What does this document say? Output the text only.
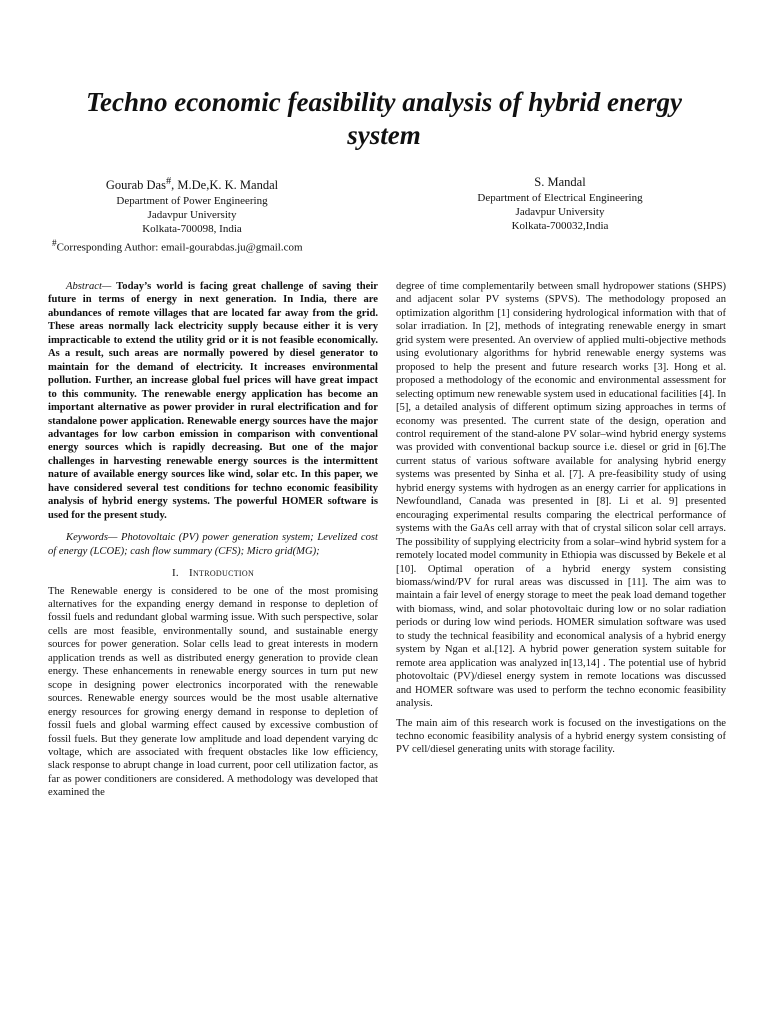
Techno economic feasibility analysis of hybrid energy system
Gourab Das#, M.De,K. K. Mandal
Department of Power Engineering
Jadavpur University
Kolkata-700098, India
#Corresponding Author: email-gourabdas.ju@gmail.com
S. Mandal
Department of Electrical Engineering
Jadavpur University
Kolkata-700032,India

Abstract— Today’s world is facing great challenge of saving their future in terms of energy in next generation. In India, there are abundances of remote villages that are located far away from the grid. These areas normally lack electricity supply because either it is very impracticable to extend the utility grid or it is not feasible economically. As a result, such areas are normally powered by diesel generator to maintain for the demand of electricity. It increases environmental pollution. Further, an increase global fuel prices will have great impact to this community. The renewable energy application has become an important alternative as power provider in rural electrification and for standalone power application. Renewable energy sources have the major advantages for low carbon emission in comparison with conventional energy sources which is rapidly decreasing. But one of the major challenges in harvesting renewable energy sources is the intermittent nature of available energy sources like wind, solar etc. In this paper, we have considered several test conditions for techno economic feasibility analysis of hybrid energy systems. The powerful HOMER software is used for the present study.

Keywords— Photovoltaic (PV) power generation system; Levelized cost of energy (LCOE); cash flow summary (CFS); Micro grid(MG);

I. Introduction

The Renewable energy is considered to be one of the most promising alternatives for the expanding energy demand in response to depletion of fossil fuels and redundant global warming issue. With such perspective, solar cells are most feasible, environmentally sound, and sustainable energy sources for power generation. Solar cells lead to great interests in modern application trends as well as distributed energy generation to provide clean energy. These enhancements in renewable energy sources in turn put new scope in designing power electronics incorporated with the renewable sources. Renewable energy sources would be the most usable alternative energy resources for growing energy demand in response to depletion of fossil fuels and global warming effect caused by excessive combustion of fossil fuels. But they generate low amplitude and load dependent varying dc voltage, which are associated with frequent obstacles like low efficiency, slack response to abrupt change in load current, poor cell utilization factor, as far as power conditioners are considered. A methodology was developed that examined the

degree of time complementarily between small hydropower stations (SHPS) and adjacent solar PV systems (SPVS). The methodology proposed an optimization algorithm [1] considering hydrological information with that of solar irradiation. In [2], methods of integrating renewable energy in smart grid system were presented. An overview of applied multi-objective methods using evolutionary algorithms for hybrid renewable energy systems was proposed to help the present and future research works [3]. Hong et al. proposed a methodology of the economic and environmental assessment for selecting optimum new renewable system used in educational facilities [4]. In [5], a detailed analysis of different optimum sizing approaches in terms of economy was presented. The current state of the design, operation and control requirement of the stand-alone PV solar–wind hybrid energy systems was provided with conventional backup source i.e. diesel or grid in [6].The current status of various software available for analysing hybrid energy systems was presented by Sinha et al. [7]. A pre-feasibility study of using hybrid energy systems with hydrogen as an energy carrier for applications in Newfoundland, Canada was presented in [8]. Li et al. 9] presented encouraging experimental results comparing the electrical performance of systems with the GaAs cell array with that of crystal silicon solar cell arrays. The possibility of supplying electricity from a solar–wind hybrid system for a remotely located model community in Ethiopia was discussed by Bekele et al [10]. Optimal operation of a hybrid energy system consisting biomass/wind/PV for rural areas was discussed in [11]. The aim was to maintain a fair level of energy storage to meet the peak load demand together with biomass, wind, and solar photovoltaic during low or no solar radiation periods or during low wind periods. HOMER simulation software was used to study the technical feasibility and economical analysis of a hybrid energy system by Ngan et al.[12]. A hybrid power generation system suitable for remote area application was analyzed in[13,14] . The potential use of hybrid photovoltaic (PV)/diesel energy system in remote locations was discussed and HOMER software was used to perform the techno economic feasibility analysis.

The main aim of this research work is focused on the investigations on the techno economic feasibility analysis of a hybrid energy system consisting of PV cell/diesel generating units with storage facility.
